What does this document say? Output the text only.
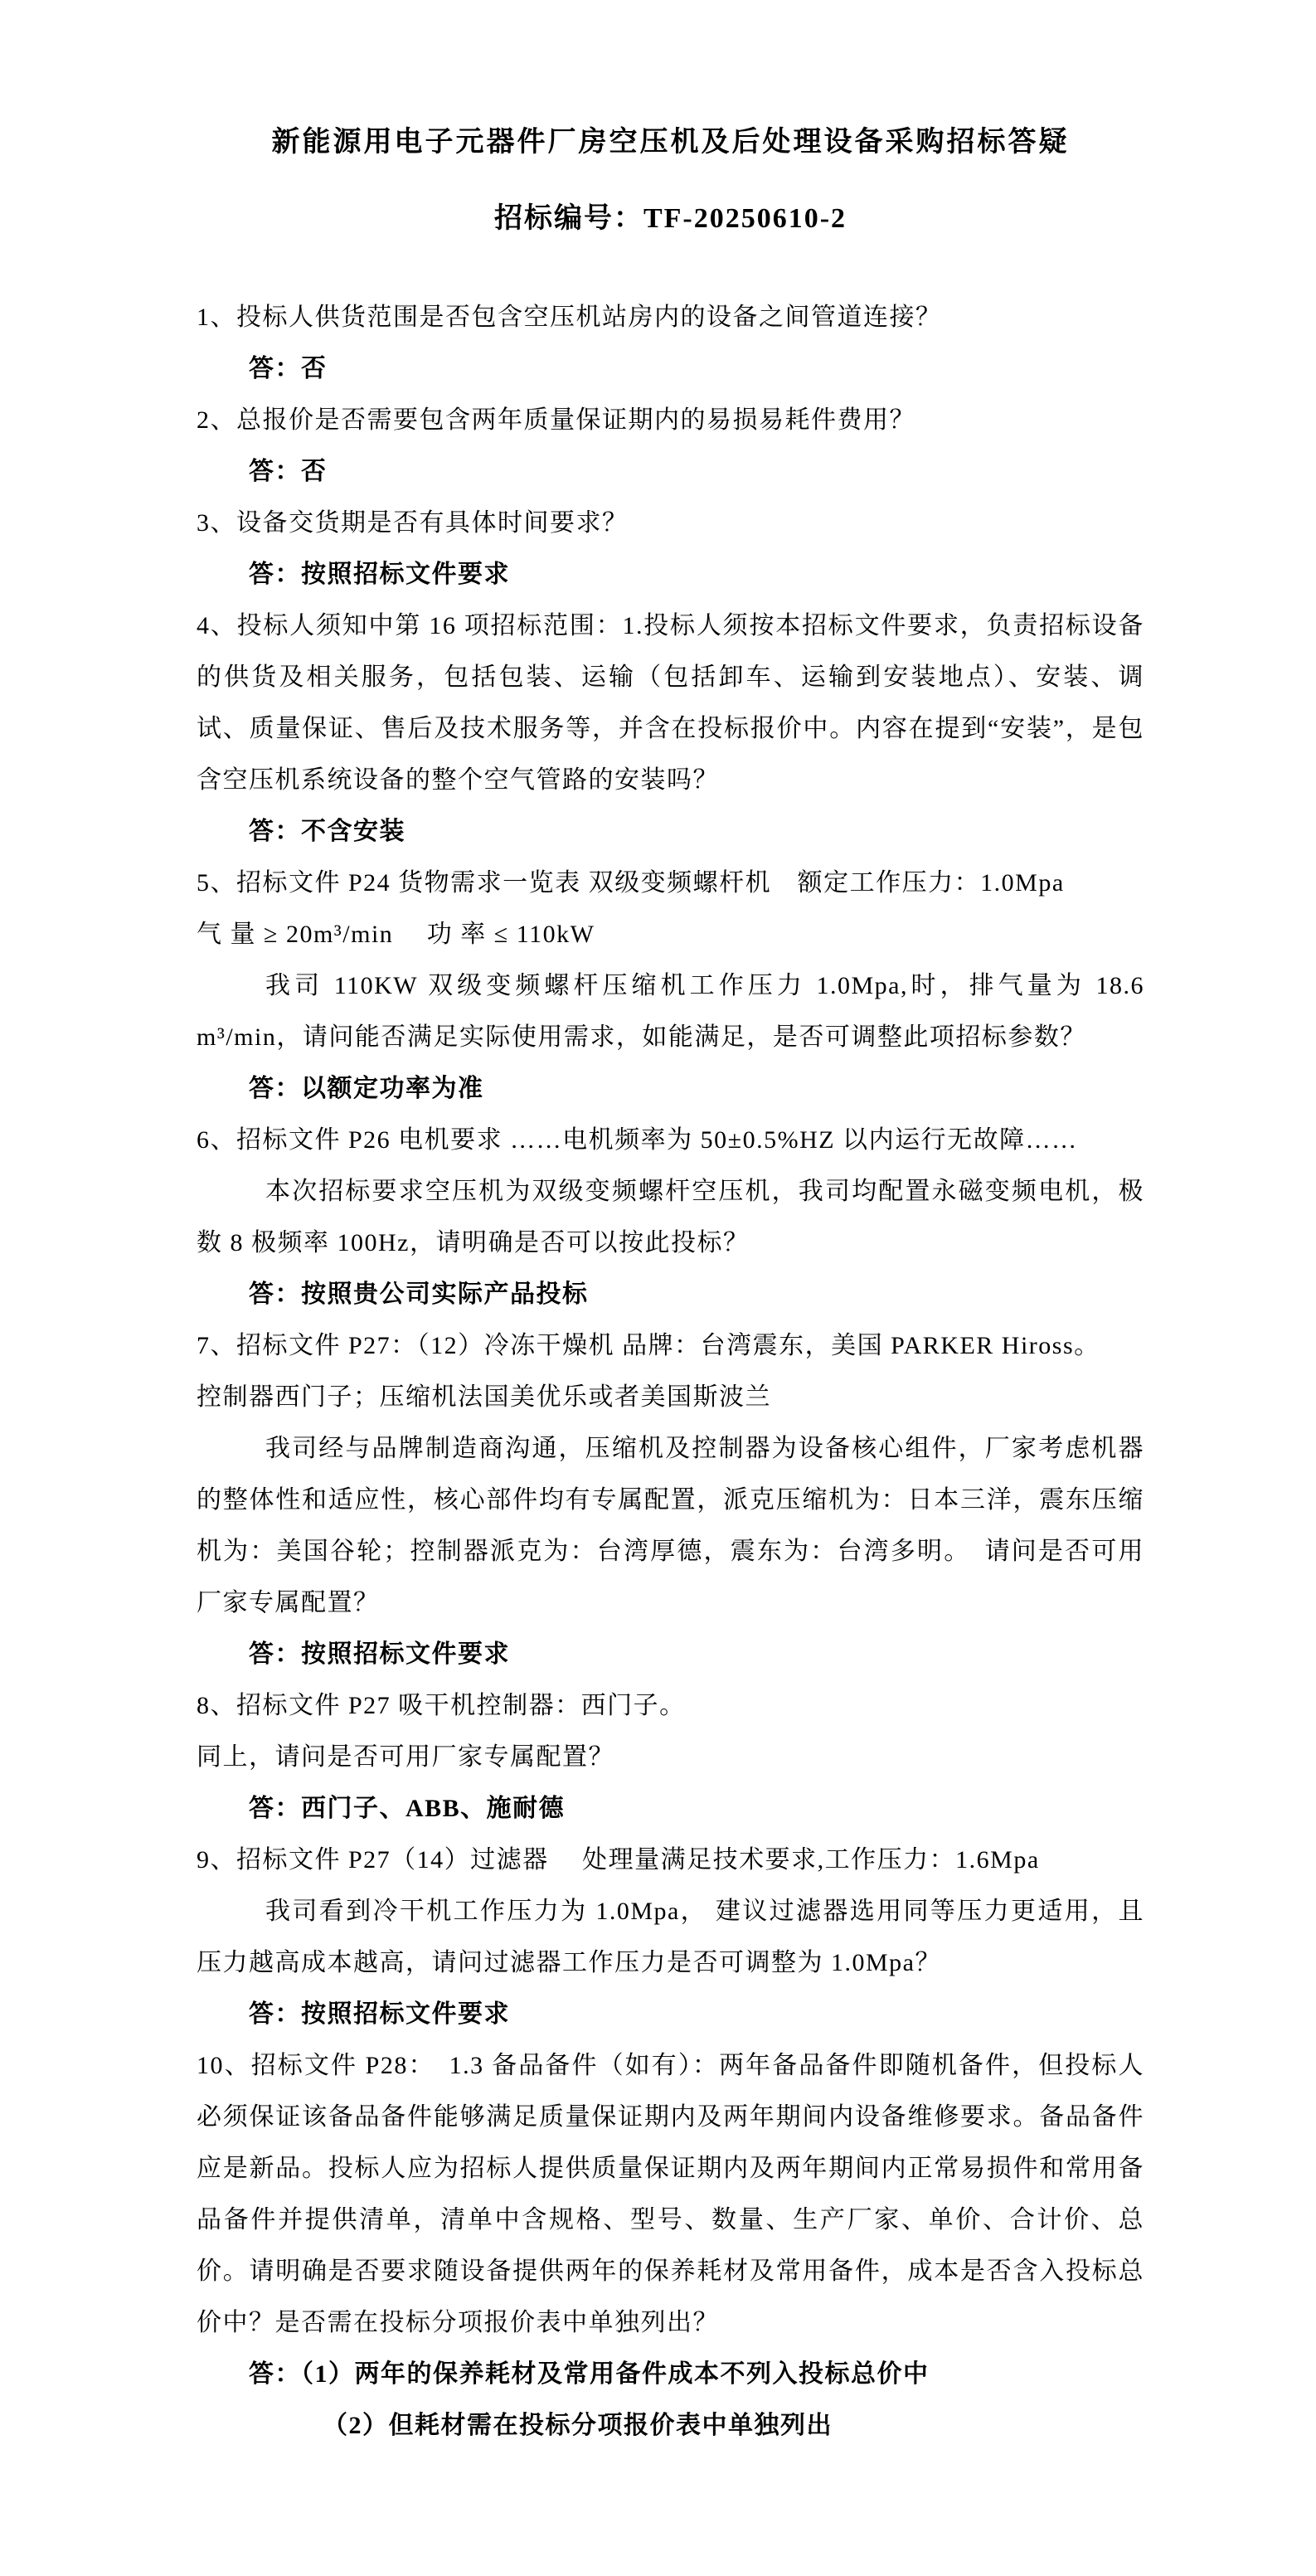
新能源用电子元器件厂房空压机及后处理设备采购招标答疑
招标编号：TF-20250610-2
1、投标人供货范围是否包含空压机站房内的设备之间管道连接？
答：否
2、总报价是否需要包含两年质量保证期内的易损易耗件费用？
答：否
3、设备交货期是否有具体时间要求？
答：按照招标文件要求
4、投标人须知中第 16 项招标范围：1.投标人须按本招标文件要求，负责招标设备的供货及相关服务，包括包装、运输（包括卸车、运输到安装地点）、安装、调试、质量保证、售后及技术服务等，并含在投标报价中。内容在提到“安装”，是包含空压机系统设备的整个空气管路的安装吗？
答：不含安装
5、招标文件 P24 货物需求一览表 双级变频螺杆机　额定工作压力：1.0Mpa
气 量 ≥ 20m³/min　 功 率 ≤ 110kW
我司 110KW 双级变频螺杆压缩机工作压力 1.0Mpa,时，排气量为 18.6 m³/min，请问能否满足实际使用需求，如能满足，是否可调整此项招标参数？
答：以额定功率为准
6、招标文件 P26 电机要求 ……电机频率为 50±0.5%HZ 以内运行无故障……
本次招标要求空压机为双级变频螺杆空压机，我司均配置永磁变频电机，极数 8 极频率 100Hz，请明确是否可以按此投标？
答：按照贵公司实际产品投标
7、招标文件 P27：（12）冷冻干燥机 品牌：台湾震东，美国 PARKER Hiross。
控制器西门子；压缩机法国美优乐或者美国斯波兰
我司经与品牌制造商沟通，压缩机及控制器为设备核心组件，厂家考虑机器的整体性和适应性，核心部件均有专属配置，派克压缩机为：日本三洋，震东压缩机为：美国谷轮；控制器派克为：台湾厚德，震东为：台湾多明。　请问是否可用厂家专属配置？
答：按照招标文件要求
8、招标文件 P27 吸干机控制器：西门子。
同上，请问是否可用厂家专属配置？
答：西门子、ABB、施耐德
9、招标文件 P27（14）过滤器　 处理量满足技术要求,工作压力：1.6Mpa
我司看到冷干机工作压力为 1.0Mpa， 建议过滤器选用同等压力更适用，且压力越高成本越高，请问过滤器工作压力是否可调整为 1.0Mpa？
答：按照招标文件要求
10、招标文件 P28：　1.3 备品备件（如有）：两年备品备件即随机备件，但投标人必须保证该备品备件能够满足质量保证期内及两年期间内设备维修要求。备品备件应是新品。投标人应为招标人提供质量保证期内及两年期间内正常易损件和常用备品备件并提供清单，清单中含规格、型号、数量、生产厂家、单价、合计价、总价。请明确是否要求随设备提供两年的保养耗材及常用备件，成本是否含入投标总价中？是否需在投标分项报价表中单独列出？
答：（1）两年的保养耗材及常用备件成本不列入投标总价中
（2）但耗材需在投标分项报价表中单独列出
